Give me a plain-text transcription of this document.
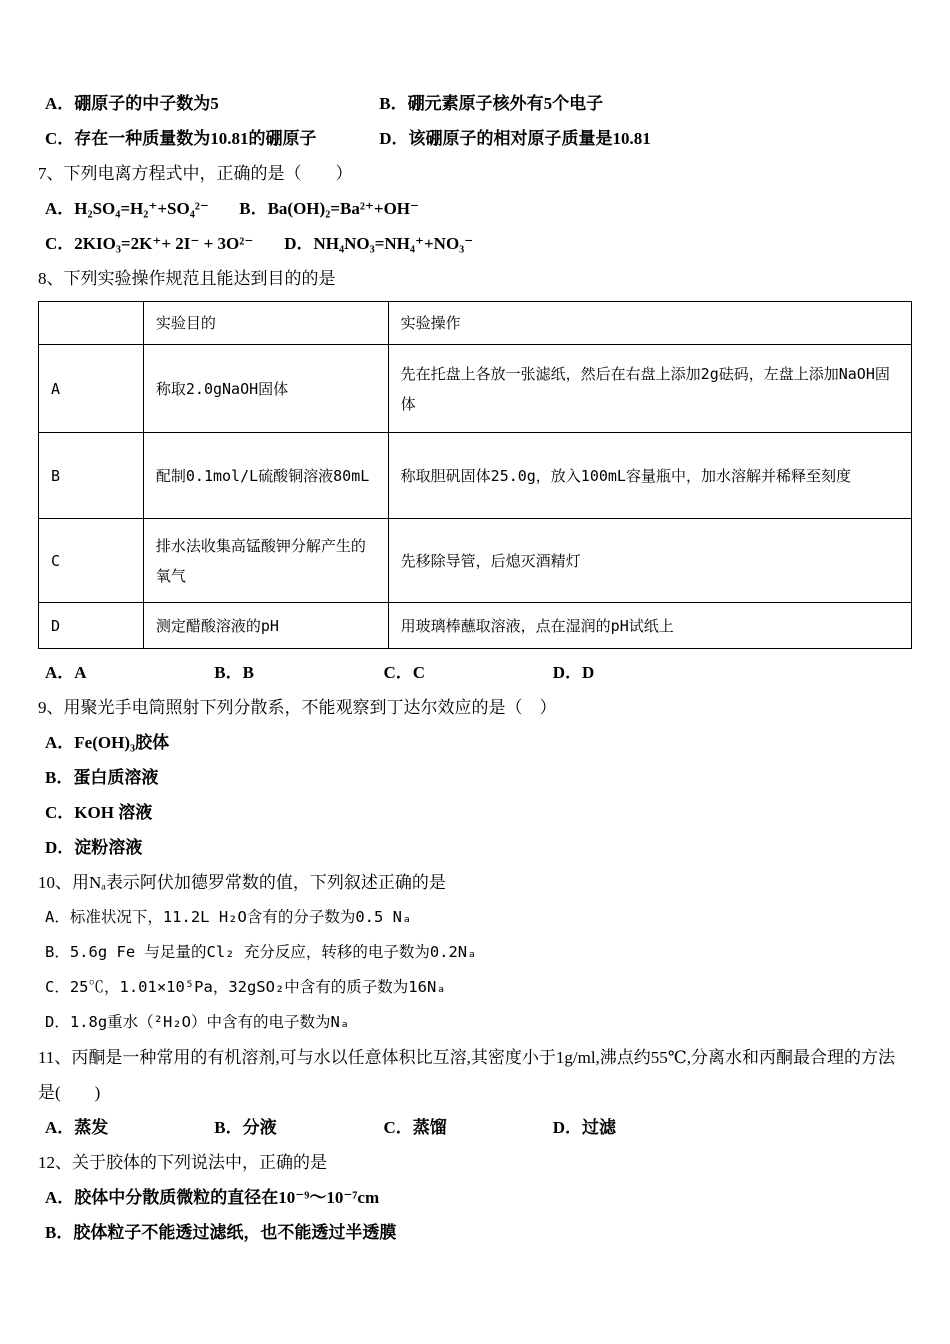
A．硼原子的中子数为5	B．硼元素原子核外有5个电子
C．存在一种质量数为10.81的硼原子	D．该硼原子的相对原子质量是10.81
7、下列电离方程式中，正确的是（　　）
A．H₂SO₄=H₂⁺+SO₄²⁻ B．Ba(OH)₂=Ba²⁺+OH⁻
C．2KIO₃=2K⁺+ 2I⁻ + 3O²⁻ D．NH₄NO₃=NH₄⁺+NO₃⁻
8、下列实验操作规范且能达到目的的是
	实验目的	实验操作
A	称取2.0gNaOH固体	先在托盘上各放一张滤纸，然后在右盘上添加2g砝码，左盘上添加NaOH固体
B	配制0.1mol/L硫酸铜溶液80mL	称取胆矾固体25.0g，放入100mL容量瓶中，加水溶解并稀释至刻度
C	排水法收集高锰酸钾分解产生的氧气	先移除导管，后熄灭酒精灯
D	测定醋酸溶液的pH	用玻璃棒蘸取溶液，点在湿润的pH试纸上
A．A	B．B	C．C	D．D
9、用聚光手电筒照射下列分散系，不能观察到丁达尔效应的是（　）
A．Fe(OH)₃胶体
B．蛋白质溶液
C．KOH 溶液
D．淀粉溶液
10、用Nₐ表示阿伏加德罗常数的值，下列叙述正确的是
A．标准状况下，11.2L H₂O含有的分子数为0.5 Nₐ
B．5.6g Fe 与足量的Cl₂ 充分反应，转移的电子数为0.2Nₐ
C．25℃，1.01×10⁵Pa，32gSO₂中含有的质子数为16Nₐ
D．1.8g重水（²H₂O）中含有的电子数为Nₐ
11、丙酮是一种常用的有机溶剂,可与水以任意体积比互溶,其密度小于1g/ml,沸点约55℃,分离水和丙酮最合理的方法是(　　)
A．蒸发	B．分液	C．蒸馏	D．过滤
12、关于胶体的下列说法中，正确的是
A．胶体中分散质微粒的直径在10⁻⁹～10⁻⁷cm
B．胶体粒子不能透过滤纸，也不能透过半透膜
